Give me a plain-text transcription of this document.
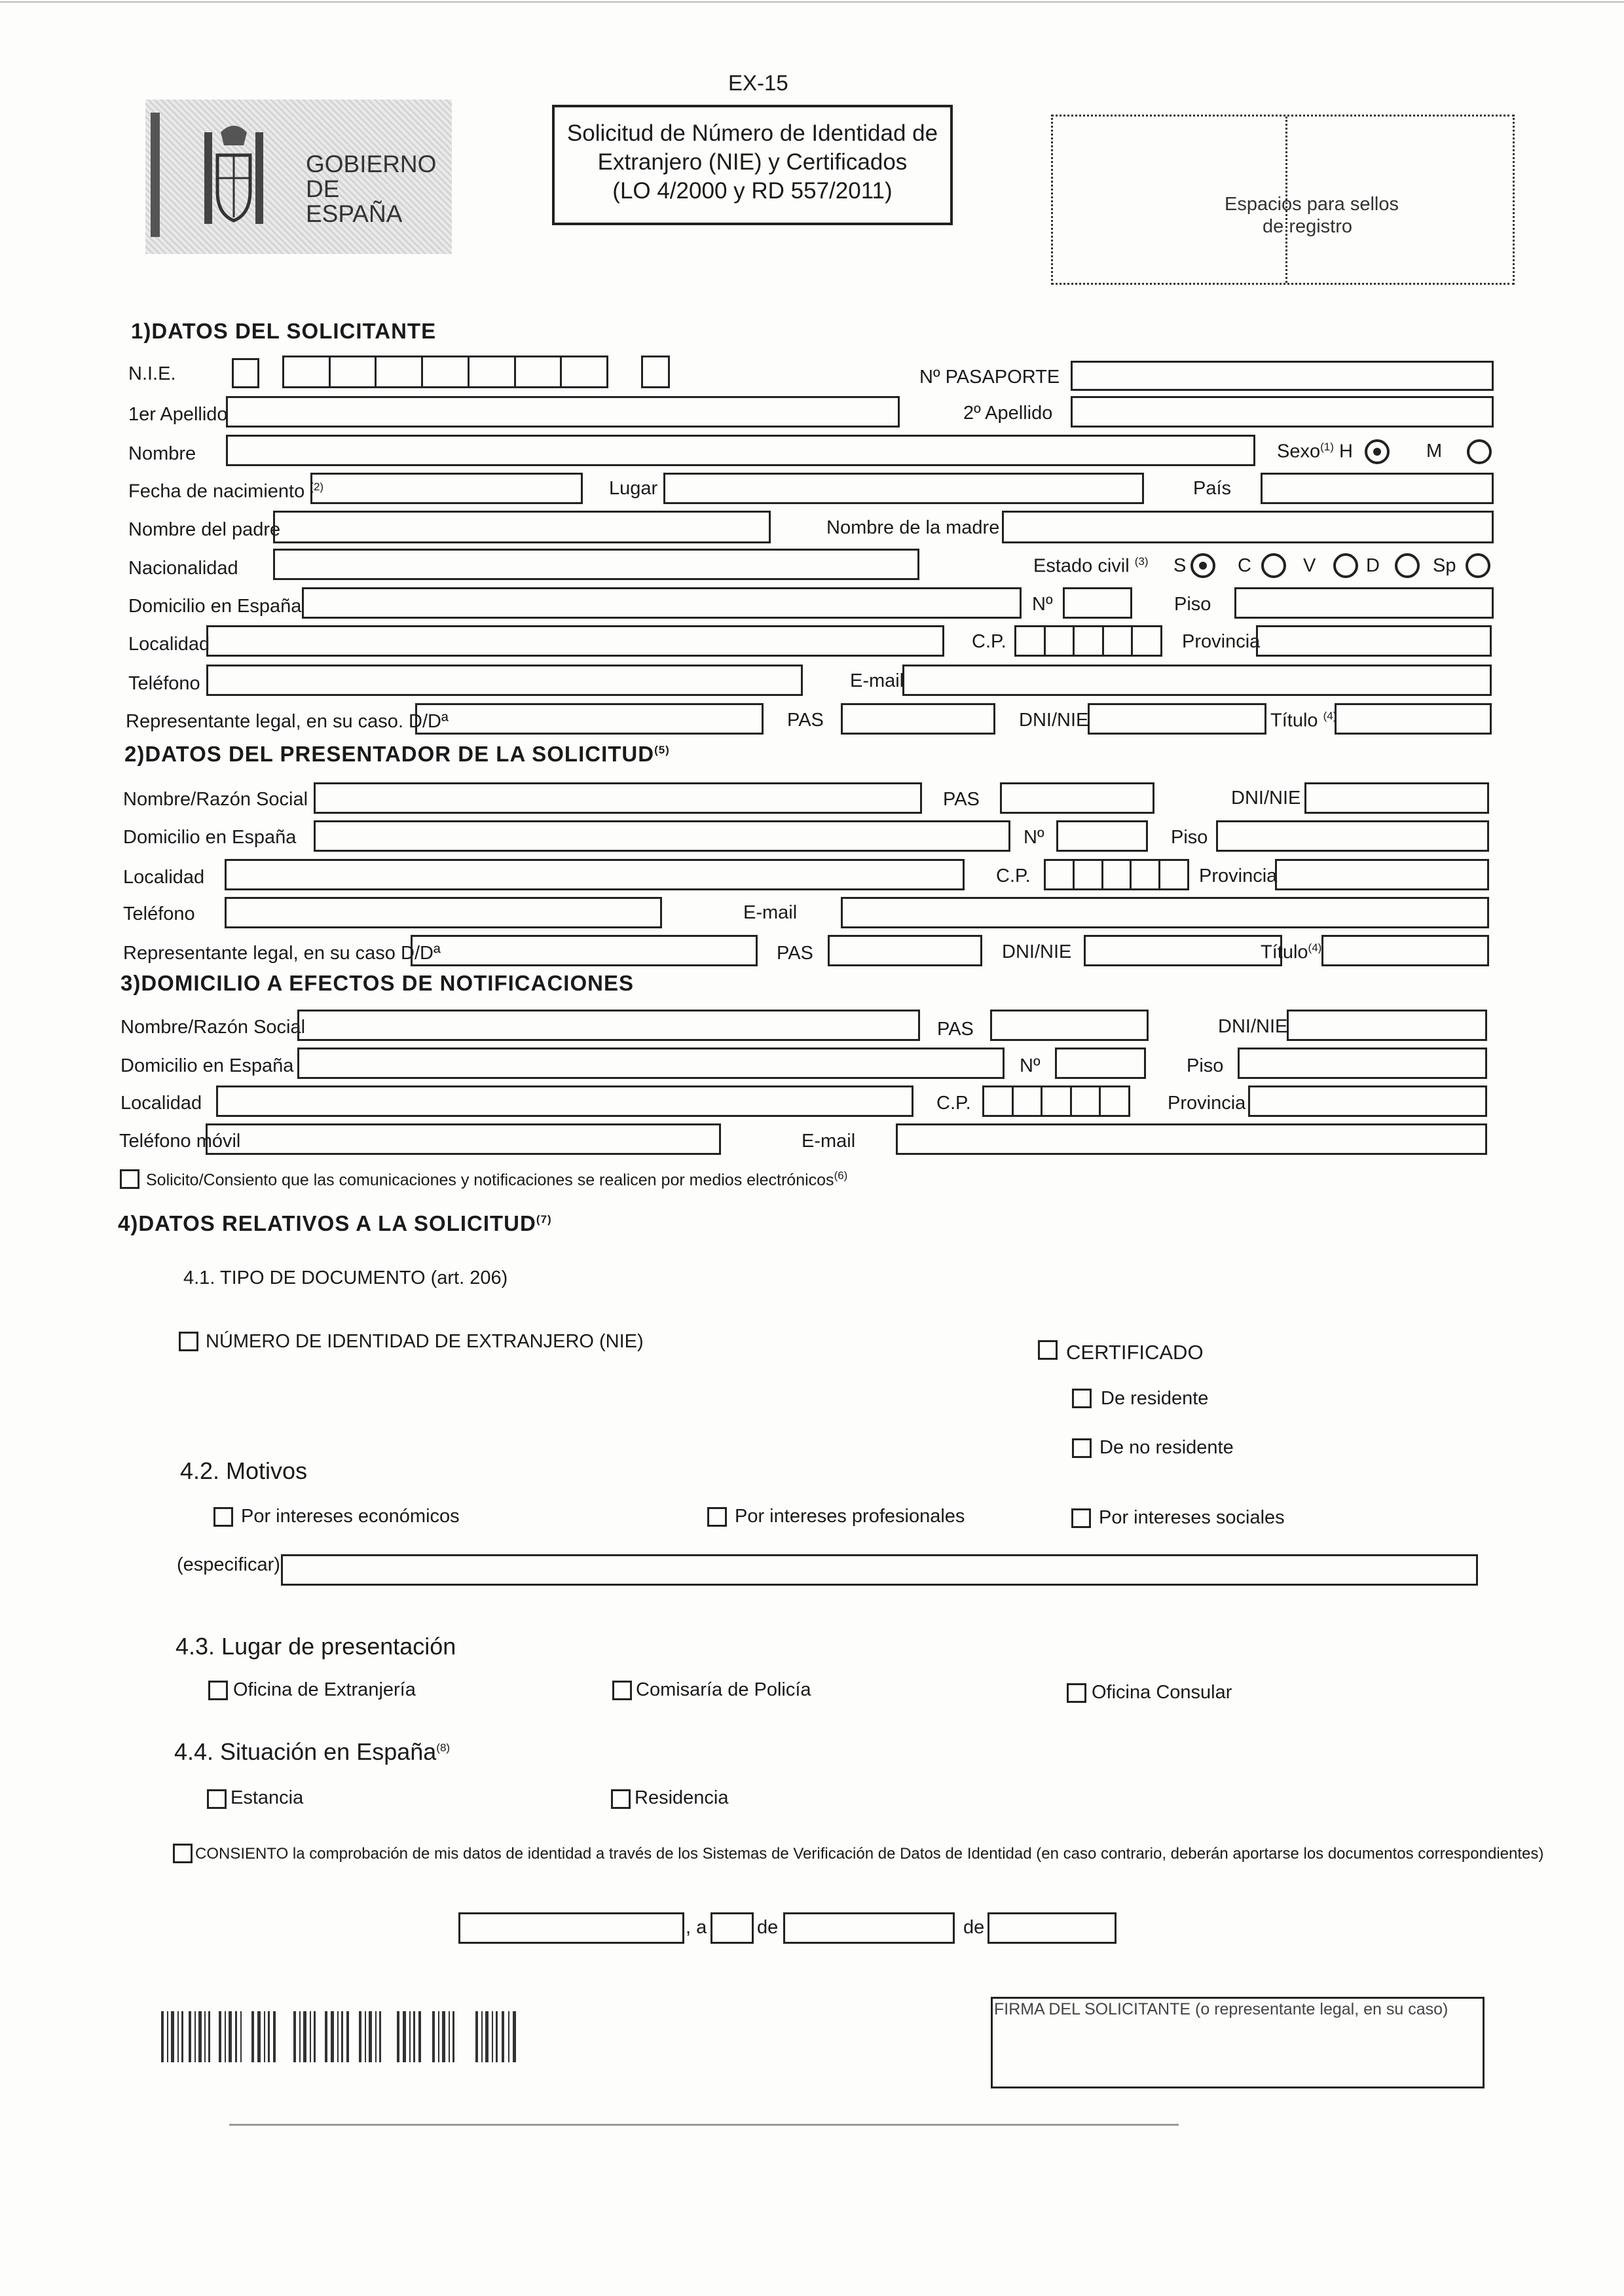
EX-15
GOBIERNO DE ESPAÑA
Solicitud de Número de Identidad de
Extranjero (NIE) y Certificados
(LO 4/2000 y RD 557/2011)
Espacios para sellos
de registro
1)DATOS DEL SOLICITANTE
N.I.E.	Nº PASAPORTE
1er Apellido	2º Apellido
Nombre	Sexo$^{(1)}$ H	M
Fecha de nacimiento $^{(2)}$	Lugar	País
Nombre del padre	Nombre de la madre
Nacionalidad	Estado civil $^{(3)}$ S	C	V	D	Sp
Domicilio en España	Nº	Piso
Localidad	C.P.	Provincia
Teléfono	E-mail
Representante legal, en su caso. D/Dª	PAS	DNI/NIE	Título $^{(4)}$
2)DATOS DEL PRESENTADOR DE LA SOLICITUD$^{(5)}$
Nombre/Razón Social	PAS	DNI/NIE
Domicilio en España	Nº	Piso
Localidad	C.P.	Provincia
Teléfono	E-mail
Representante legal, en su caso D/Dª	PAS	DNI/NIE	Título$^{(4)}$
3)DOMICILIO A EFECTOS DE NOTIFICACIONES
Nombre/Razón Social	PAS	DNI/NIE
Domicilio en España	Nº	Piso
Localidad	C.P.	Provincia
Teléfono móvil	E-mail
Solicito/Consiento que las comunicaciones y notificaciones se realicen por medios electrónicos$^{(6)}$
4)DATOS RELATIVOS A LA SOLICITUD$^{(7)}$
4.1. TIPO DE DOCUMENTO (art. 206)
NÚMERO DE IDENTIDAD DE EXTRANJERO (NIE)	CERTIFICADO
De residente
De no residente
4.2. Motivos
Por intereses económicos	Por intereses profesionales	Por intereses sociales
(especificar)
4.3. Lugar de presentación
Oficina de Extranjería	Comisaría de Policía	Oficina Consular
4.4. Situación en España$^{(8)}$
Estancia	Residencia
CONSIENTO la comprobación de mis datos de identidad a través de los Sistemas de Verificación de Datos de Identidad (en caso contrario, deberán aportarse los documentos correspondientes)
, a	de	de
FIRMA DEL SOLICITANTE (o representante legal, en su caso)
